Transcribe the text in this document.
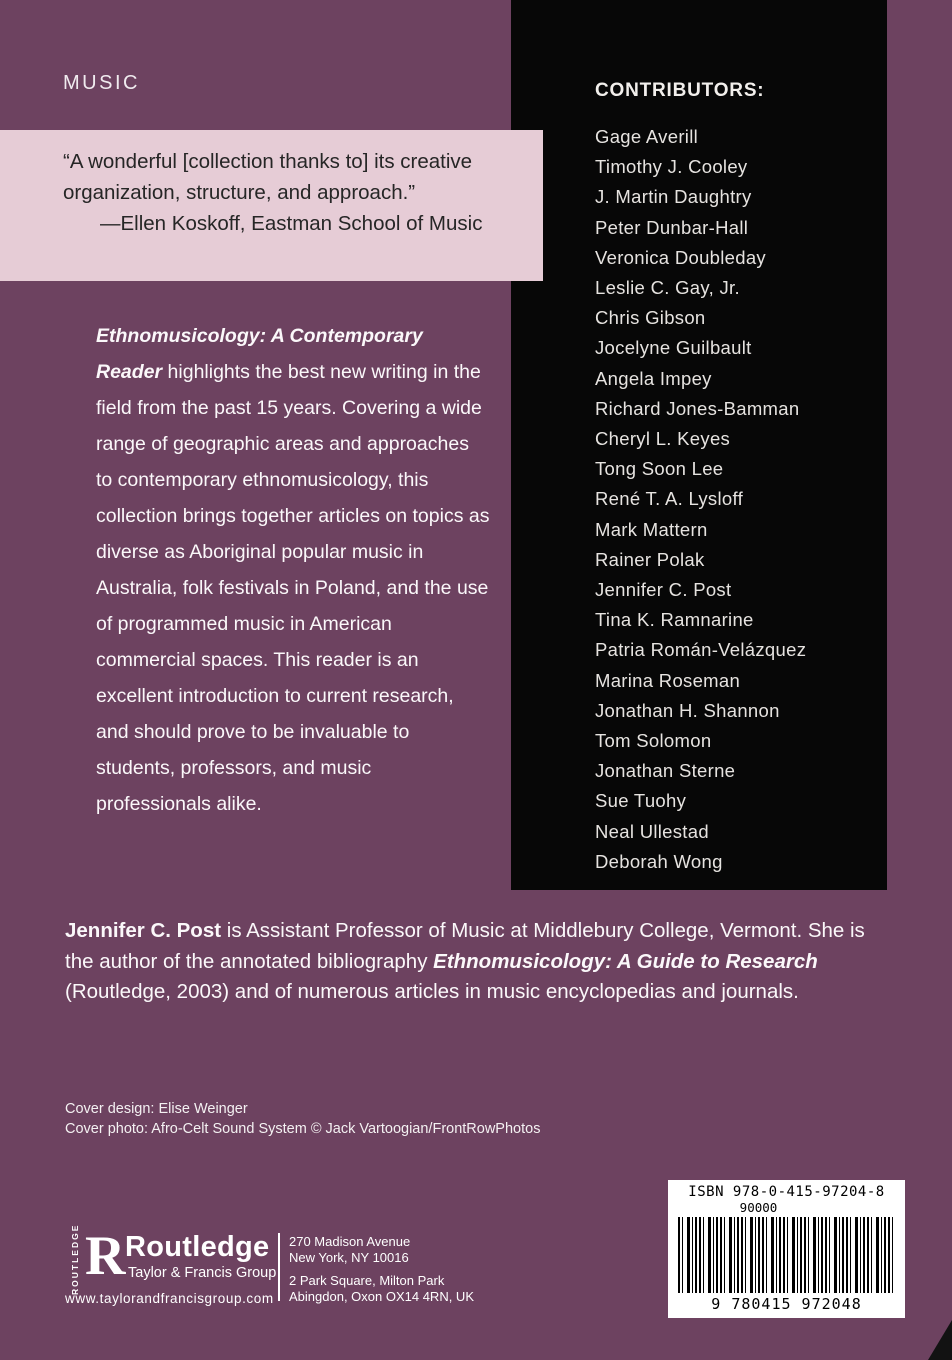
CONTRIBUTORS:
Gage Averill
Timothy J. Cooley
J. Martin Daughtry
Peter Dunbar-Hall
Veronica Doubleday
Leslie C. Gay, Jr.
Chris Gibson
Jocelyne Guilbault
Angela Impey
Richard Jones-Bamman
Cheryl L. Keyes
Tong Soon Lee
René T. A. Lysloff
Mark Mattern
Rainer Polak
Jennifer C. Post
Tina K. Ramnarine
Patria Román-Velázquez
Marina Roseman
Jonathan H. Shannon
Tom Solomon
Jonathan Sterne
Sue Tuohy
Neal Ullestad
Deborah Wong
MUSIC

“A wonderful [collection thanks to] its creative organization, structure, and approach.”

—Ellen Koskoff, Eastman School of Music

Ethnomusicology: A Contemporary Reader highlights the best new writing in the field from the past 15 years. Covering a wide range of geographic areas and approaches to contemporary ethnomusicology, this collection brings together articles on topics as diverse as Aboriginal popular music in Australia, folk festivals in Poland, and the use of programmed music in American commercial spaces. This reader is an excellent introduction to current research, and should prove to be invaluable to students, professors, and music professionals alike.
Jennifer C. Post is Assistant Professor of Music at Middlebury College, Vermont. She is the author of the annotated bibliography Ethnomusicology: A Guide to Research (Routledge, 2003) and of numerous articles in music encyclopedias and journals.
Cover design: Elise Weinger
Cover photo: Afro-Celt Sound System © Jack Vartoogian/FrontRowPhotos
ROUTLEDGE R Routledge
Taylor & Francis Group
www.taylorandfrancisgroup.com
270 Madison Avenue
New York, NY 10016
2 Park Square, Milton Park
Abingdon, Oxon OX14 4RN, UK
ISBN 978-0-415-97204-8
90000
9 780415 972048
